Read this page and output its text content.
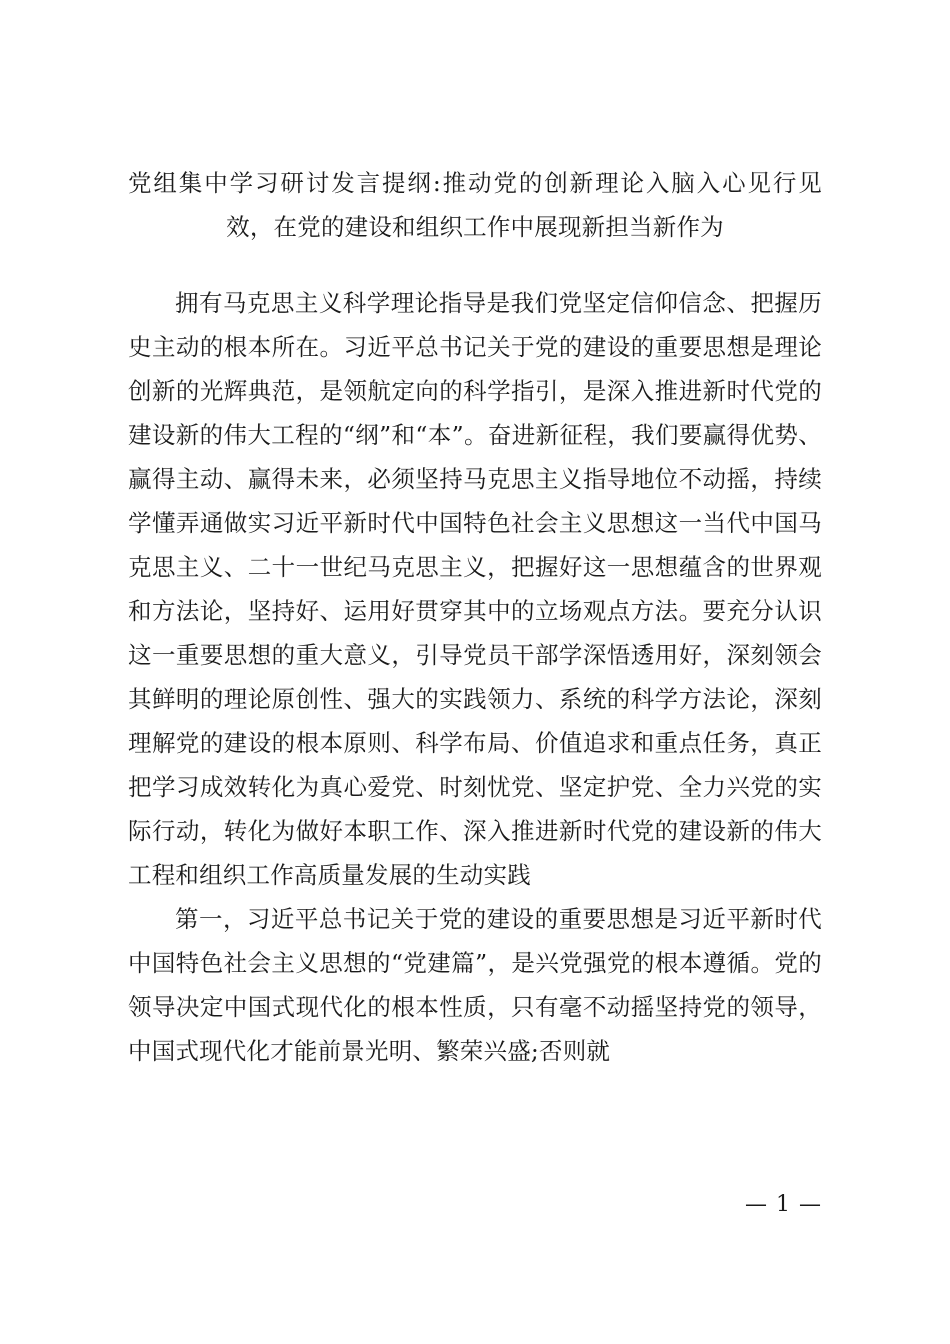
党组集中学习研讨发言提纲:推动党的创新理论入脑入心见行见效，在党的建设和组织工作中展现新担当新作为

拥有马克思主义科学理论指导是我们党坚定信仰信念、把握历史主动的根本所在。习近平总书记关于党的建设的重要思想是理论创新的光辉典范，是领航定向的科学指引，是深入推进新时代党的建设新的伟大工程的“纲”和“本”。奋进新征程，我们要赢得优势、赢得主动、赢得未来，必须坚持马克思主义指导地位不动摇，持续学懂弄通做实习近平新时代中国特色社会主义思想这一当代中国马克思主义、二十一世纪马克思主义，把握好这一思想蕴含的世界观和方法论，坚持好、运用好贯穿其中的立场观点方法。要充分认识这一重要思想的重大意义，引导党员干部学深悟透用好，深刻领会其鲜明的理论原创性、强大的实践领力、系统的科学方法论，深刻理解党的建设的根本原则、科学布局、价值追求和重点任务，真正把学习成效转化为真心爱党、时刻忧党、坚定护党、全力兴党的实际行动，转化为做好本职工作、深入推进新时代党的建设新的伟大工程和组织工作高质量发展的生动实践

第一，习近平总书记关于党的建设的重要思想是习近平新时代中国特色社会主义思想的“党建篇”，是兴党强党的根本遵循。党的领导决定中国式现代化的根本性质，只有毫不动摇坚持党的领导，中国式现代化才能前景光明、繁荣兴盛;否则就

— 1 —
